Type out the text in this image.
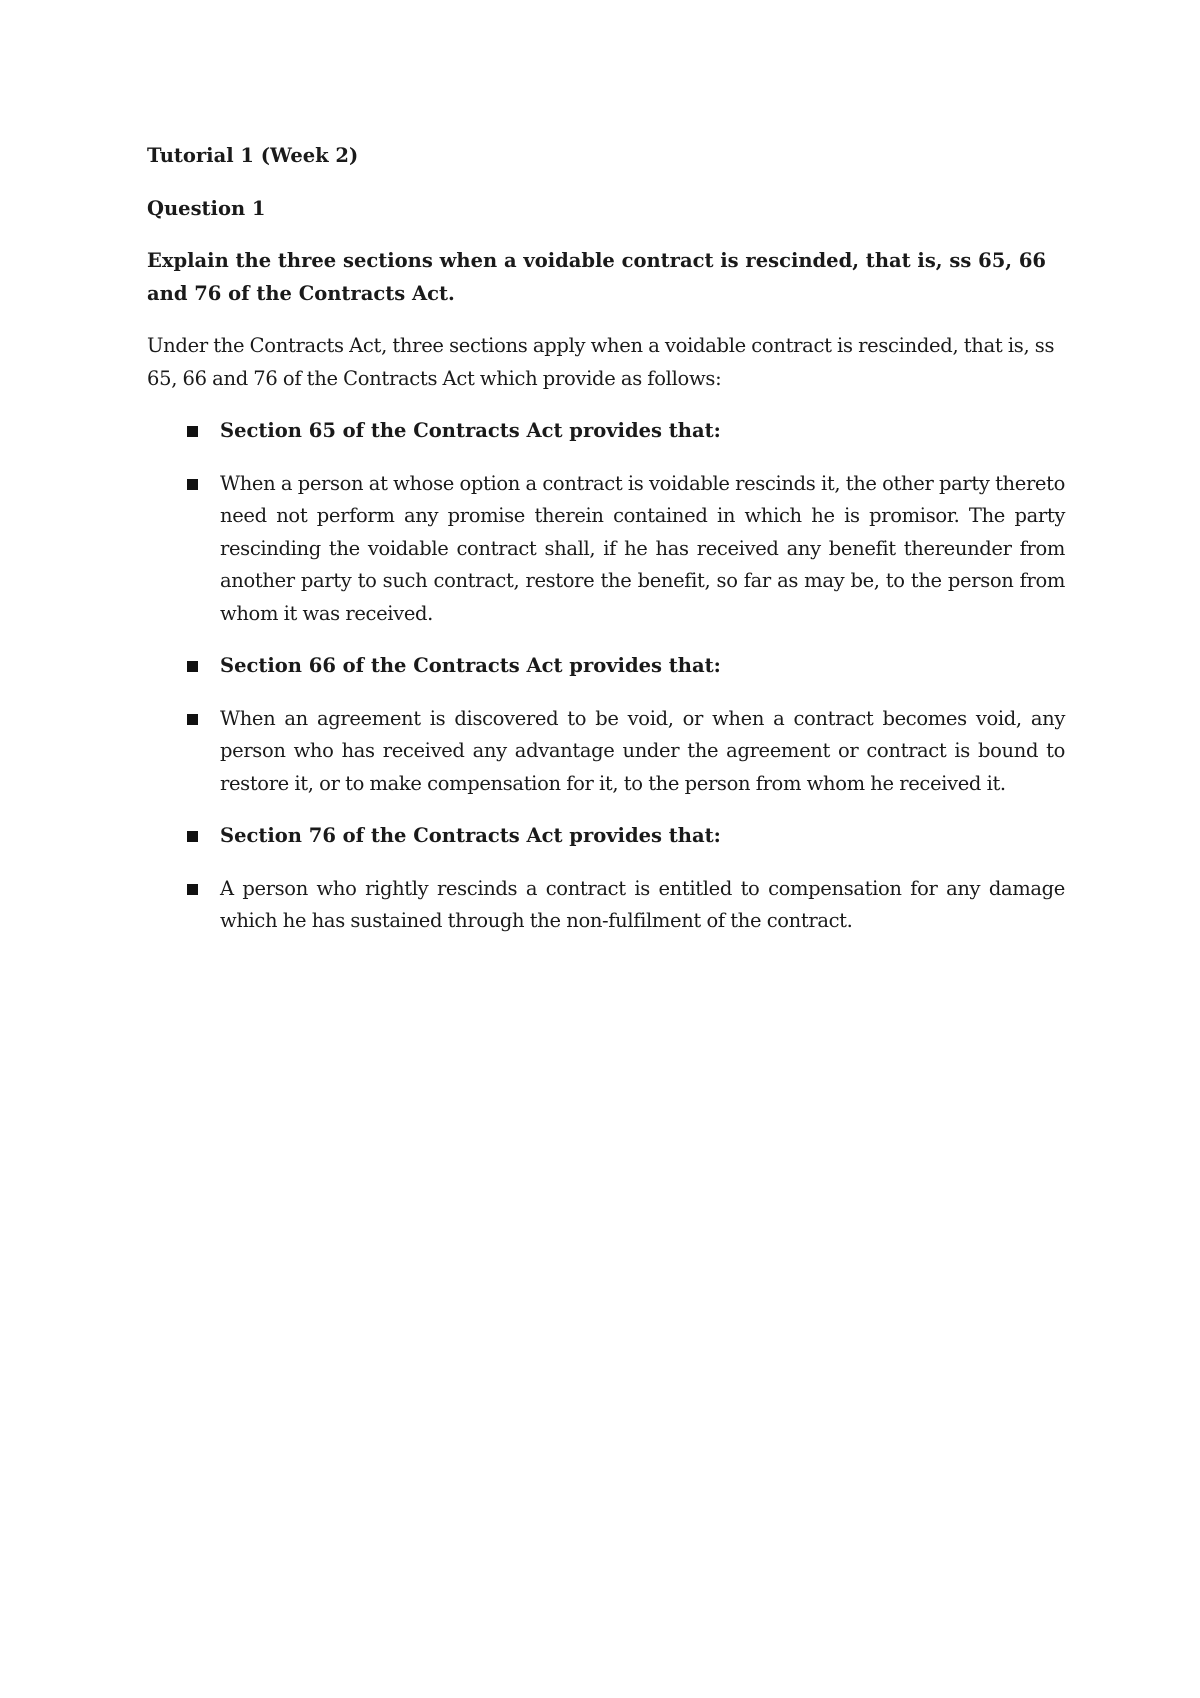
Tutorial 1 (Week 2)

Question 1

Explain the three sections when a voidable contract is rescinded, that is, ss 65, 66 and 76 of the Contracts Act.

Under the Contracts Act, three sections apply when a voidable contract is rescinded, that is, ss 65, 66 and 76 of the Contracts Act which provide as follows:

Section 65 of the Contracts Act provides that:
When a person at whose option a contract is voidable rescinds it, the other party thereto need not perform any promise therein contained in which he is promisor. The party rescinding the voidable contract shall, if he has received any benefit thereunder from another party to such contract, restore the benefit, so far as may be, to the person from whom it was received.
Section 66 of the Contracts Act provides that:
When an agreement is discovered to be void, or when a contract becomes void, any person who has received any advantage under the agreement or contract is bound to restore it, or to make compensation for it, to the person from whom he received it.
Section 76 of the Contracts Act provides that:
A person who rightly rescinds a contract is entitled to compensation for any damage which he has sustained through the non-fulfilment of the contract.
